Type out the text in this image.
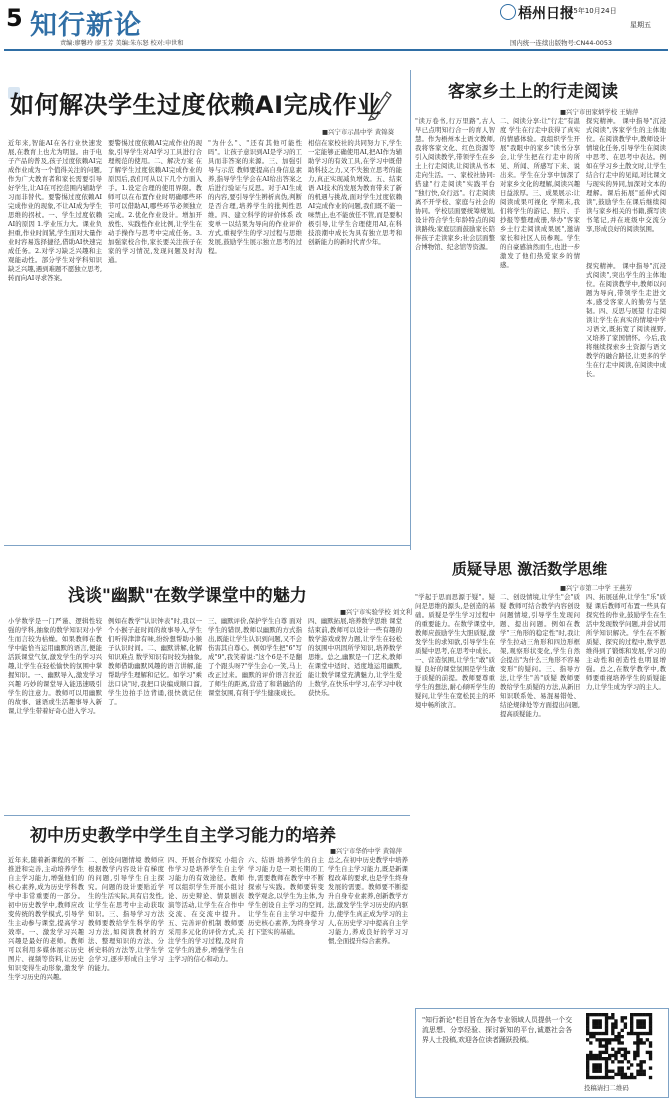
5 知行新论
责编:廖馨玲 廖玉芳 美编:朱东怒 校对:申世和
梧州日报
2025年10月24日
星期五
国内统一连续出版物号:CN44-0053
如何解决学生过度依赖AI完成作业
■兴宁市示昌中学 黄锦葵
近年来,智能AI在各行业快速发展,在教育上也尤为明显。由于电子产品的普及,孩子过度依赖AI完成作业成为一个值得关注的问题,作为广大教育者和家长需要引导好学生,让AI在可控范围内辅助学习而非替代。要警惕过度依赖AI完成作业的现象,不让AI成为学生思维的拐杖。一、学生过度依赖AI的原因 1.学业压力大。课业负担重,作业时间紧,学生面对大量作业时容易选择捷径,借助AI快速完成任务。2.对学习缺乏兴趣和主观能动性。部分学生对学科知识缺乏兴趣,遇到难题不愿独立思考,转而向AI寻求答案。
要警惕过度依赖AI完成作业的现象,引导学生对AI学习工具进行合理规范的使用。二、解决方案 在了解学生过度依赖AI完成作业的原因后,我们可从以下几个方面入手。1.设定合理的使用界限。教师可以在布置作业时明确哪些环节可以借助AI,哪些环节必须独立完成。2.优化作业设计。增加开放性、实践性作业比例,让学生在动手操作与思考中完成任务。3.加强家校合作,家长要关注孩子在家的学习情况,发现问题及时沟通。
"为什么"、"还有其他可能性吗"。让孩子意识到AI是学习的工具而非答案的来源。三、加强引导与示范 教师要提高自身信息素养,指导学生学会在AI给出答案之后进行验证与反思。对于AI生成的内容,要引导学生辨析真伪,判断是否合理,培养学生的批判性思维。四、建立科学的评价体系 改变单一以结果为导向的作业评价方式,重视学生的学习过程与思维发展,鼓励学生展示独立思考的过程。
相信在家校社的共同努力下,学生一定能够正确使用AI,把AI作为辅助学习的有效工具,在学习中既借助科技之力,又不失独立思考的能力,真正实现减负增效。五、结束语 AI技术的发展为教育带来了新的机遇与挑战,面对学生过度依赖AI完成作业的问题,我们既不能一味禁止,也不能放任不管,而是要积极引导,让学生合理使用AI,在科技浪潮中成长为具有独立思考和创新能力的新时代青少年。
客家乡土上的行走阅读
■兴宁市田家炳学校 王婧萍
"读万卷书,行万里路",古人早已点明知行合一的育人智慧。作为梧州本土语文教师,我将客家文化、红色资源等引入阅读教学,带领学生在乡土上行走阅读,让阅读从书本走向生活。一、家校社协同:搭建"行走阅读"实践平台 "独行快,众行远"。行走阅读离不开学校、家庭与社会的协同。学校层面要统筹规划,设计符合学生年龄特点的阅读路线;家庭层面鼓励家长陪伴孩子走读家乡;社会层面整合博物馆、纪念馆等资源。
二、阅读分享:让"行走"有温度 学生在行走中获得了真实的情感体验。我组织学生开展"我眼中的家乡"读书分享会,让学生把在行走中的所见、所闻、所感写下来、说出来。学生在分享中加深了对家乡文化的理解,阅读兴趣日益浓厚。三、成果展示:让阅读成果可视化 学期末,我们将学生的游记、照片、手抄报等整理成册,举办"客家乡土行走阅读成果展",邀请家长和社区人员参观。学生的自豪感油然而生,也进一步激发了他们热爱家乡的情感。
探究精神。 课中指导"沉浸式阅读",客家学生的主体地位。在阅读教学中,教师设计情境化任务,引导学生在阅读中思考、在思考中表达。例如在学习乡土散文时,让学生结合行走中的见闻,对比课文与现实的异同,加深对文本的理解。课后拓展"延伸式阅读",鼓励学生在课后继续阅读与家乡相关的书籍,撰写读书笔记,并在班级中交流分享,形成良好的阅读氛围。
探究精神。 课中指导"沉浸式阅读",突出学生的主体地位。在阅读教学中,教师以问题为导向,带领学生走进文本,感受客家人的勤劳与坚韧。四、反思与展望 行走阅读让学生在真实的情境中学习语文,既拓宽了阅读视野,又培养了家国情怀。今后,我将继续探索乡土资源与语文教学的融合路径,让更多的学生在行走中阅读,在阅读中成长。
浅谈"幽默"在数学课堂中的魅力
■兴宁市实验学校 刘文利
小学数学是一门严谨、逻辑性较强的学科,抽象的数学知识对小学生而言较为枯燥。如果教师在教学中能恰当运用幽默的语言,便能活跃课堂气氛,激发学生的学习兴趣,让学生在轻松愉快的氛围中掌握知识。一、幽默导入,激发学习兴趣 巧妙的课堂导入能迅速吸引学生的注意力。教师可以用幽默的故事、谜语或生活趣事导入新课,让学生带着好奇心进入学习。
例如在教学"认识钟表"时,我以一个小猴子赶时间的故事导入,学生们听得津津有味,纷纷想帮助小猴子认识时间。二、幽默讲解,化解知识难点 数学知识有时较为抽象,教师借助幽默风趣的语言讲解,能帮助学生理解和记忆。如学习"乘法口诀"时,我把口诀编成顺口溜,学生边拍手边背诵,很快就记住了。
三、幽默评价,保护学生自尊 面对学生的错误,教师以幽默的方式指出,既能让学生认识到问题,又不会伤害其自尊心。例如学生把"6"写成"9",我笑着说:"这个6是不是翻了个跟头呀?"学生会心一笑,马上改正过来。幽默的评价语言拉近了师生的距离,营造了和谐融洽的课堂氛围,有利于学生健康成长。
四、幽默拓展,培养数学思维 课堂结束前,教师可以设计一些有趣的数学游戏或智力题,让学生在轻松的氛围中巩固所学知识,培养数学思维。总之,幽默是一门艺术,教师在课堂中适时、适度地运用幽默,能让数学课堂充满魅力,让学生爱上数学,在快乐中学习,在学习中收获快乐。
质疑导思 激活数学思维
■兴宁市第二中学 王燕芳
"学起于思而思源于疑"。疑问是思维的源头,是创造的基础。质疑是学生学习过程中的重要能力。在数学课堂中,教师应鼓励学生大胆质疑,激发学生的求知欲,引导学生在质疑中思考,在思考中成长。一、营造氛围,让学生"敢"质疑 良好的课堂氛围是学生敢于质疑的前提。教师要尊重学生的想法,耐心倾听学生的疑问,让学生在宽松民主的环境中畅所欲言。
二、创设情境,让学生"会"质疑 教师可结合教学内容创设问题情境,引导学生发现问题、提出问题。例如在教学"三角形的稳定性"时,我让学生拉动三角形和四边形框架,观察形状变化,学生自然会提出"为什么三角形不容易变形"的疑问。三、指导方法,让学生"善"质疑 教师要教给学生质疑的方法,从新旧知识联系处、易混易错处、结论规律处等方面提出问题,提高质疑能力。
四、拓展延伸,让学生"乐"质疑 课后教师可布置一些具有探究性的作业,鼓励学生在生活中发现数学问题,并尝试用所学知识解决。学生在不断质疑、探究的过程中,数学思维得到了锻炼和发展,学习的主动性和创造性也明显增强。总之,在数学教学中,教师要重视培养学生的质疑能力,让学生成为学习的主人。
初中历史教学中学生自主学习能力的培养
■兴宁市华侨中学 黄锦萍
近年来,随着新课程的不断推进和完善,主动培养学生自主学习能力,增强他们的核心素养,成为历史学科教学中非常重要的一部分。初中历史教学中,教师应改变传统的教学模式,引导学生主动参与课堂,提高学习效率。一、激发学习兴趣 兴趣是最好的老师。教师可以利用多媒体展示历史图片、视频等资料,让历史知识变得生动形象,激发学生学习历史的兴趣。
二、创设问题情境 教师应根据教学内容设计有梯度的问题,引导学生自主探究。问题的设计要贴近学生的生活实际,具有启发性,让学生在思考中主动获取知识。三、指导学习方法 教师要教给学生科学的学习方法,如阅读教材的方法、整理知识的方法、分析史料的方法等,让学生学会学习,逐步形成自主学习的能力。
四、开展合作探究 小组合作学习是培养学生自主学习能力的有效途径。教师可以组织学生开展小组讨论、历史辩论、情景剧表演等活动,让学生在合作中交流、在交流中提升。五、完善评价机制 教师要采用多元化的评价方式,关注学生的学习过程,及时肯定学生的进步,增强学生自主学习的信心和动力。
六、结语 培养学生的自主学习能力是一项长期的工作,需要教师在教学中不断探索与实践。教师要转变教学观念,以学生为主体,为学生创设自主学习的空间,让学生在自主学习中提升历史核心素养,为终身学习打下坚实的基础。
总之,在初中历史教学中培养学生自主学习能力,既是新课程改革的要求,也是学生终身发展的需要。教师要不断提升自身专业素养,创新教学方法,激发学生学习历史的内驱力,使学生真正成为学习的主人,在历史学习中提高自主学习能力,养成良好的学习习惯,全面提升综合素养。
"知行新论"栏目旨在为各专业领域人员提供一个交流思想、分享经验、探讨新知的平台,诚邀社会各界人士投稿,欢迎各位读者踊跃投稿。
投稿请扫二维码
